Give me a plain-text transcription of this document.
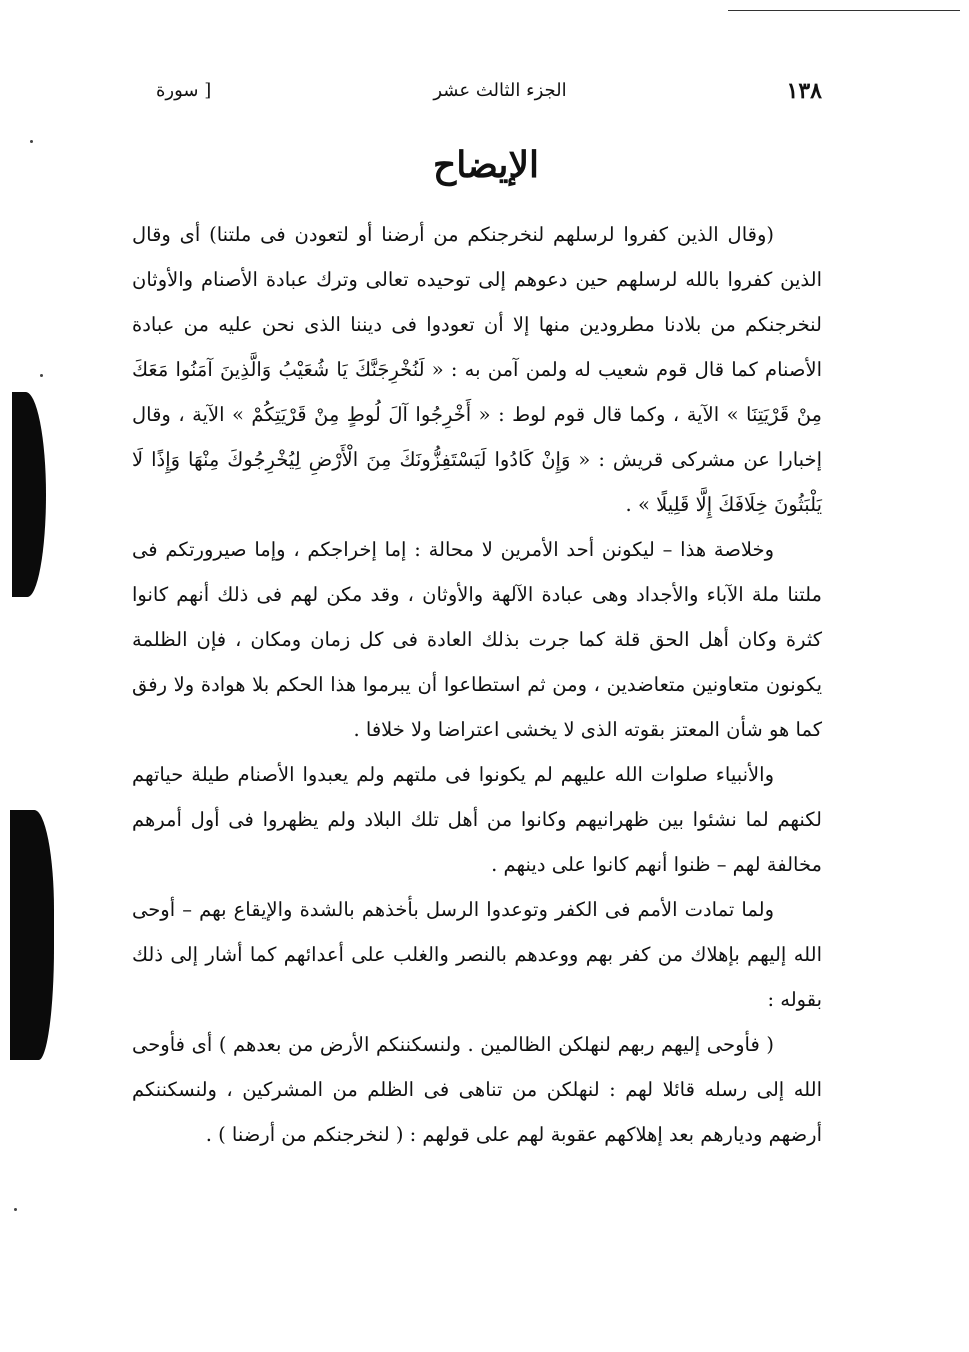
١٣٨
الجزء الثالث عشر
[ سورة
الإيضاح

(وقال الذين كفروا لرسلهم لنخرجنكم من أرضنا أو لتعودن فى ملتنا) أى وقال الذين كفروا بالله لرسلهم حين دعوهم إلى توحيده تعالى وترك عبادة الأصنام والأوثان لنخرجنكم من بلادنا مطرودين منها إلا أن تعودوا فى ديننا الذى نحن عليه من عبادة الأصنام كما قال قوم شعيب له ولمن آمن به : « لَنُخْرِجَنَّكَ يَا شُعَيْبُ وَالَّذِينَ آمَنُوا مَعَكَ مِنْ قَرْيَتِنَا » الآية ، وكما قال قوم لوط : « أَخْرِجُوا آلَ لُوطٍ مِنْ قَرْيَتِكُمْ » الآية ، وقال إخبارا عن مشركى قريش : « وَإِنْ كَادُوا لَيَسْتَفِزُّونَكَ مِنَ الْأَرْضِ لِيُخْرِجُوكَ مِنْهَا وَإِذًا لَا يَلْبَثُونَ خِلَافَكَ إِلَّا قَلِيلًا » .

وخلاصة هذا – ليكونن أحد الأمرين لا محالة : إما إخراجكم ، وإما صيرورتكم فى ملتنا ملة الآباء والأجداد وهى عبادة الآلهة والأوثان ، وقد مكن لهم فى ذلك أنهم كانوا كثرة وكان أهل الحق قلة كما جرت بذلك العادة فى كل زمان ومكان ، فإن الظلمة يكونون متعاونين متعاضدين ، ومن ثم استطاعوا أن يبرموا هذا الحكم بلا هوادة ولا رفق كما هو شأن المعتز بقوته الذى لا يخشى اعتراضا ولا خلافا .

والأنبياء صلوات الله عليهم لم يكونوا فى ملتهم ولم يعبدوا الأصنام طيلة حياتهم لكنهم لما نشئوا بين ظهرانيهم وكانوا من أهل تلك البلاد ولم يظهروا فى أول أمرهم مخالفة لهم – ظنوا أنهم كانوا على دينهم .

ولما تمادت الأمم فى الكفر وتوعدوا الرسل بأخذهم بالشدة والإيقاع بهم – أوحى الله إليهم بإهلاك من كفر بهم ووعدهم بالنصر والغلب على أعدائهم كما أشار إلى ذلك بقوله :

( فأوحى إليهم ربهم لنهلكن الظالمين . ولنسكننكم الأرض من بعدهم ) أى فأوحى الله إلى رسله قائلا لهم : لنهلكن من تناهى فى الظلم من المشركين ، ولنسكننكم أرضهم وديارهم بعد إهلاكهم عقوبة لهم على قولهم : ( لنخرجنكم من أرضنا ) .
